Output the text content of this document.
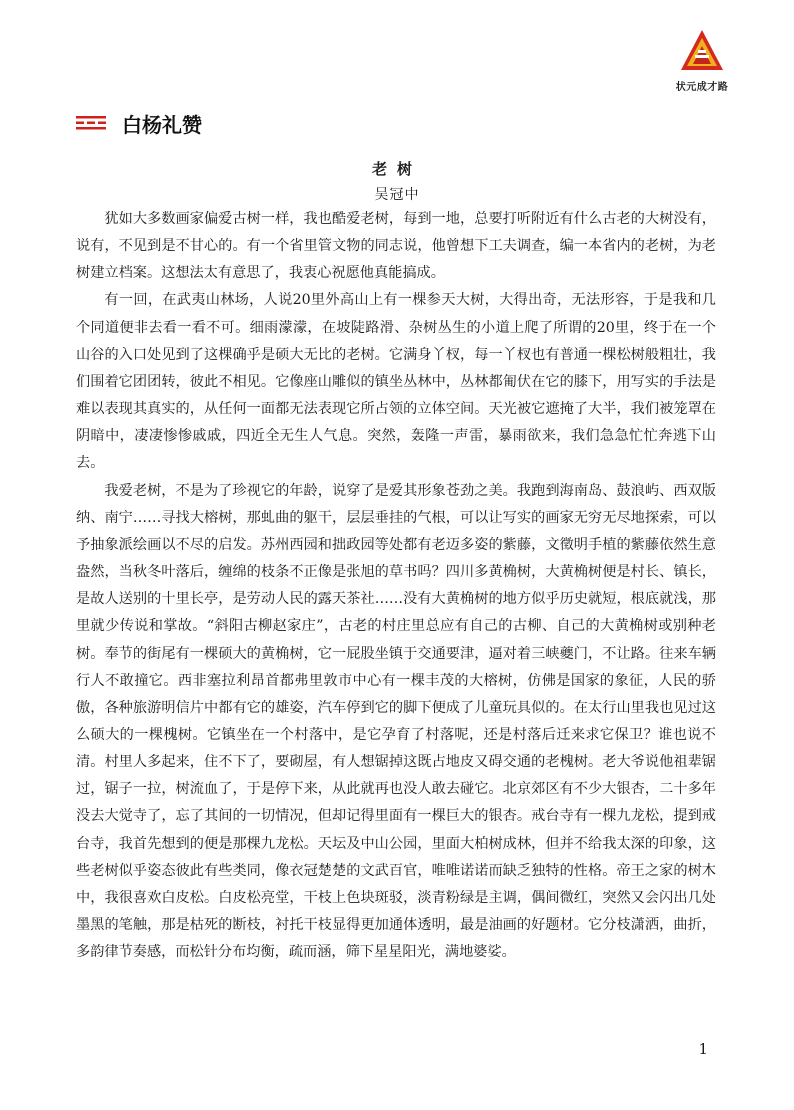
状元成才路
白杨礼赞
老树
吴冠中

犹如大多数画家偏爱古树一样，我也酷爱老树，每到一地，总要打听附近有什么古老的大树没有，说有，不见到是不甘心的。有一个省里管文物的同志说，他曾想下工夫调查，编一本省内的老树，为老树建立档案。这想法太有意思了，我衷心祝愿他真能搞成。

有一回，在武夷山林场，人说20里外高山上有一棵参天大树，大得出奇，无法形容，于是我和几个同道便非去看一看不可。细雨濛濛，在坡陡路滑、杂树丛生的小道上爬了所谓的20里，终于在一个山谷的入口处见到了这棵确乎是硕大无比的老树。它满身丫杈，每一丫杈也有普通一棵松树般粗壮，我们围着它团团转，彼此不相见。它像座山雕似的镇坐丛林中，丛林都匍伏在它的膝下，用写实的手法是难以表现其真实的，从任何一面都无法表现它所占领的立体空间。天光被它遮掩了大半，我们被笼罩在阴暗中，凄凄惨惨戚戚，四近全无生人气息。突然，轰隆一声雷，暴雨欲来，我们急急忙忙奔逃下山去。

我爱老树，不是为了珍视它的年龄，说穿了是爱其形象苍劲之美。我跑到海南岛、鼓浪屿、西双版纳、南宁……寻找大榕树，那虬曲的躯干，层层垂挂的气根，可以让写实的画家无穷无尽地探索，可以予抽象派绘画以不尽的启发。苏州西园和拙政园等处都有老迈多姿的紫藤，文徵明手植的紫藤依然生意盎然，当秋冬叶落后，缠绵的枝条不正像是张旭的草书吗？四川多黄桷树，大黄桷树便是村长、镇长，是故人送别的十里长亭，是劳动人民的露天茶社……没有大黄桷树的地方似乎历史就短，根底就浅，那里就少传说和掌故。“斜阳古柳赵家庄”，古老的村庄里总应有自己的古柳、自己的大黄桷树或别种老树。奉节的街尾有一棵硕大的黄桷树，它一屁股坐镇于交通要津，逼对着三峡夔门，不让路。往来车辆行人不敢撞它。西非塞拉利昂首都弗里敦市中心有一棵丰茂的大榕树，仿佛是国家的象征，人民的骄傲，各种旅游明信片中都有它的雄姿，汽车停到它的脚下便成了儿童玩具似的。在太行山里我也见过这么硕大的一棵槐树。它镇坐在一个村落中，是它孕育了村落呢，还是村落后迁来求它保卫？谁也说不清。村里人多起来，住不下了，要砌屋，有人想锯掉这既占地皮又碍交通的老槐树。老大爷说他祖辈锯过，锯子一拉，树流血了，于是停下来，从此就再也没人敢去碰它。北京郊区有不少大银杏，二十多年没去大觉寺了，忘了其间的一切情况，但却记得里面有一棵巨大的银杏。戒台寺有一棵九龙松，提到戒台寺，我首先想到的便是那棵九龙松。天坛及中山公园，里面大柏树成林，但并不给我太深的印象，这些老树似乎姿态彼此有些类同，像衣冠楚楚的文武百官，唯唯诺诺而缺乏独特的性格。帝王之家的树木中，我很喜欢白皮松。白皮松亮堂，干枝上色块斑驳，淡青粉绿是主调，偶间微红，突然又会闪出几处墨黑的笔触，那是枯死的断枝，衬托干枝显得更加通体透明，最是油画的好题材。它分枝潇洒，曲折，多韵律节奏感，而松针分布均衡，疏而涵，筛下星星阳光，满地婆娑。

1
